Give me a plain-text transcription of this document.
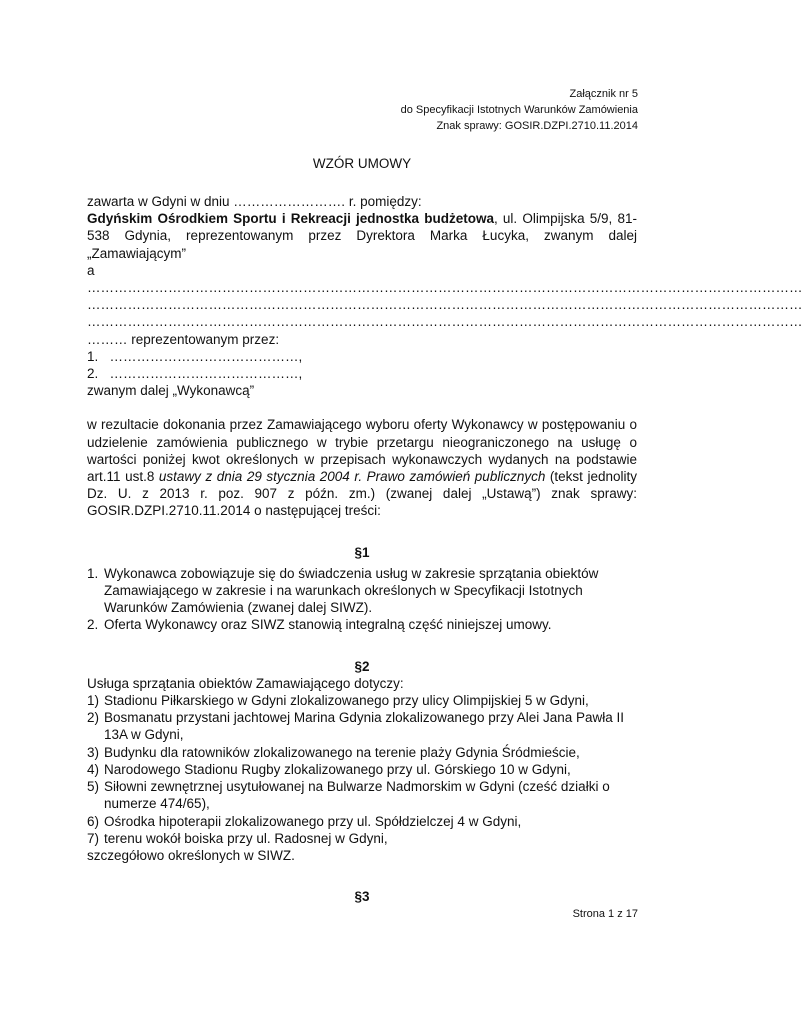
Załącznik nr 5
do Specyfikacji Istotnych Warunków Zamówienia
Znak sprawy: GOSIR.DZPI.2710.11.2014
WZÓR UMOWY

zawarta w Gdyni w dniu ……………………. r. pomiędzy:

Gdyńskim Ośrodkiem Sportu i Rekreacji jednostka budżetowa, ul. Olimpijska 5/9, 81-538 Gdynia, reprezentowanym przez Dyrektora Marka Łucyka, zwanym dalej „Zamawiającym”

a

……………………………………………………………………………………………………………………………………………

……………………………………………………………………………………………………………………………………………

……………………………………………………………………………………………………………………………………………

……… reprezentowanym przez:

1. ……………………………………,

2. ……………………………………,

zwanym dalej „Wykonawcą”

w rezultacie dokonania przez Zamawiającego wyboru oferty Wykonawcy w postępowaniu o udzielenie zamówienia publicznego w trybie przetargu nieograniczonego na usługę o wartości poniżej kwot określonych w przepisach wykonawczych wydanych na podstawie art.11 ust.8 ustawy z dnia 29 stycznia 2004 r. Prawo zamówień publicznych (tekst jednolity Dz. U. z 2013 r. poz. 907 z późn. zm.) (zwanej dalej „Ustawą”) znak sprawy: GOSIR.DZPI.2710.11.2014 o następującej treści:

§1

1. Wykonawca zobowiązuje się do świadczenia usług w zakresie sprzątania obiektów Zamawiającego w zakresie i na warunkach określonych w Specyfikacji Istotnych Warunków Zamówienia (zwanej dalej SIWZ).
2. Oferta Wykonawcy oraz SIWZ stanowią integralną część niniejszej umowy.

§2

Usługa sprzątania obiektów Zamawiającego dotyczy:

1) Stadionu Piłkarskiego w Gdyni zlokalizowanego przy ulicy Olimpijskiej 5 w Gdyni,
2) Bosmanatu przystani jachtowej Marina Gdynia zlokalizowanego przy Alei Jana Pawła II 13A w Gdyni,
3) Budynku dla ratowników zlokalizowanego na terenie plaży Gdynia Śródmieście,
4) Narodowego Stadionu Rugby zlokalizowanego przy ul. Górskiego 10 w Gdyni,
5) Siłowni zewnętrznej usytułowanej na Bulwarze Nadmorskim w Gdyni (cześć działki o numerze 474/65),
6) Ośrodka hipoterapii zlokalizowanego przy ul. Spółdzielczej 4 w Gdyni,
7) terenu wokół boiska przy ul. Radosnej w Gdyni,

szczegółowo określonych w SIWZ.

§3

Strona 1 z 17
